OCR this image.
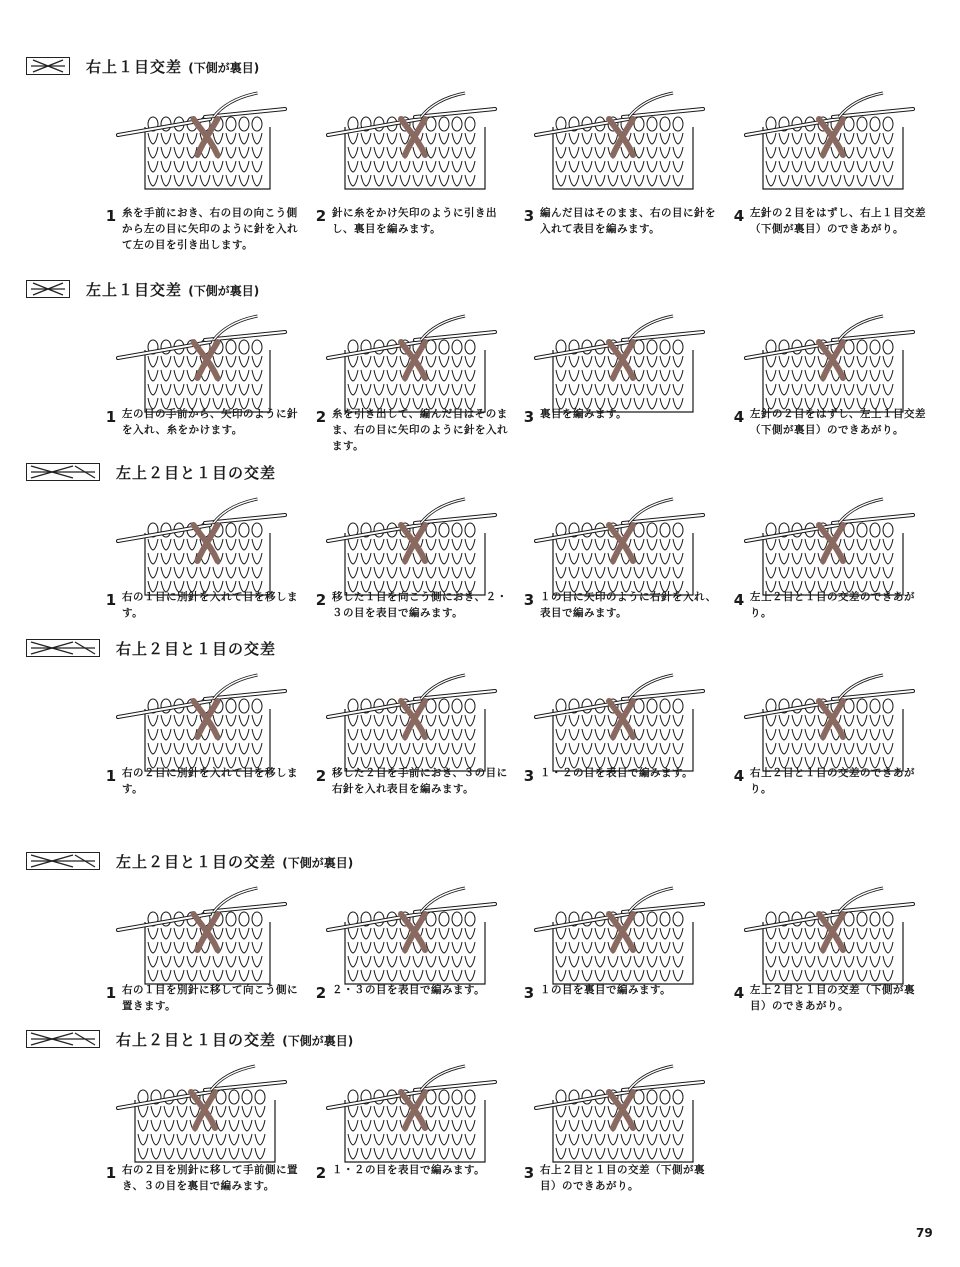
右上１目交差 (下側が裏目)
1 糸を手前におき、右の目の向こう側から左の目に矢印のように針を入れて左の目を引き出します。
2 針に糸をかけ矢印のように引き出し、裏目を編みます。
3 編んだ目はそのまま、右の目に針を入れて表目を編みます。
4 左針の２目をはずし、右上１目交差（下側が裏目）のできあがり。
左上１目交差 (下側が裏目)
1 左の目の手前から、矢印のように針を入れ、糸をかけます。
2 糸を引き出して、編んだ目はそのまま、右の目に矢印のように針を入れます。
3 裏目を編みます。	4 左針の２目をはずし、左上１目交差（下側が裏目）のできあがり。
左上２目と１目の交差
1 右の１目に別針を入れて目を移します。
2 移した１目を向こう側におき、２・３の目を表目で編みます。
3 １の目に矢印のように右針を入れ、表目で編みます。
4 左上２目と１目の交差のできあがり。
右上２目と１目の交差
1 右の２目に別針を入れて目を移します。
2 移した２目を手前におき、３の目に右針を入れ表目を編みます。
3 １・２の目を表目で編みます。	4 右上２目と１目の交差のできあがり。
左上２目と１目の交差 (下側が裏目)
1 右の１目を別針に移して向こう側に置きます。
2 ２・３の目を表目で編みます。	3 １の目を裏目で編みます。	4 左上２目と１目の交差（下側が裏目）のできあがり。
右上２目と１目の交差 (下側が裏目)
1 右の２目を別針に移して手前側に置き、３の目を裏目で編みます。
2 １・２の目を表目で編みます。	3 右上２目と１目の交差（下側が裏目）のできあがり。
79
